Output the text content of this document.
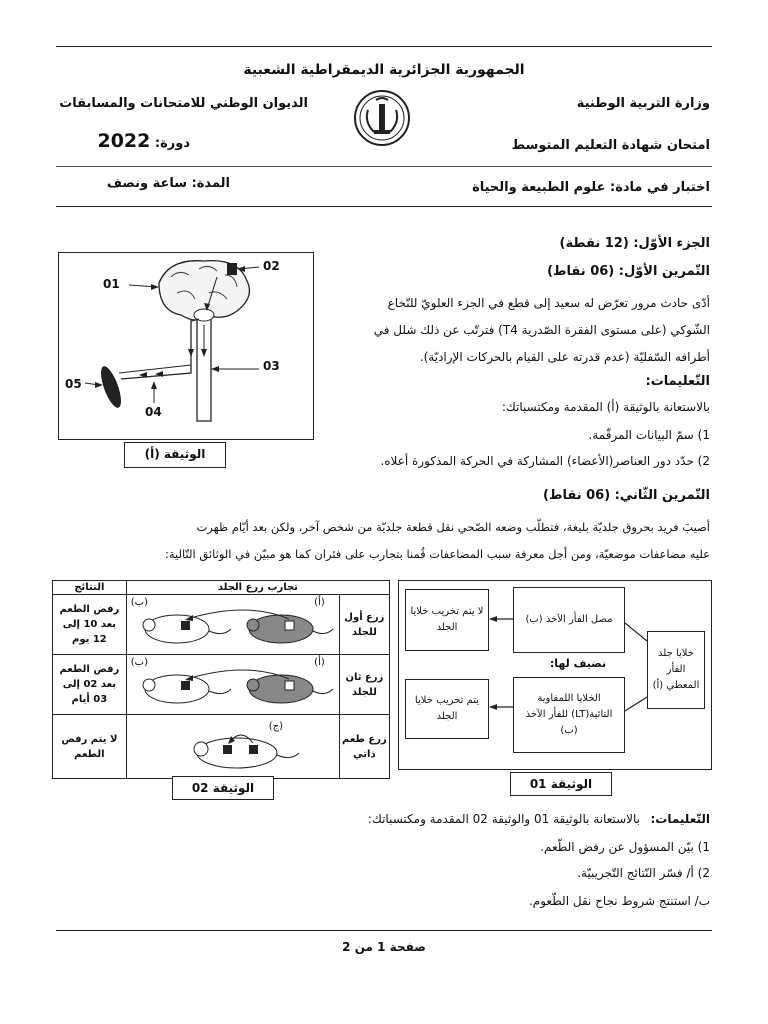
الجمهورية الجزائرية الديمقراطية الشعبية
وزارة التربية الوطنية
الديوان الوطني للامتحانات والمسابقات
امتحان شهادة التعليم المتوسط
دورة: 2022
اختبار في مادة: علوم الطبيعة والحياة
المدة: ساعة ونصف
الجزء الأوّل: (12 نقطة)
التّمرين الأوّل: (06 نقاط)
أدّى حادث مرور تعرّض له سعيد إلى قطع في الجزء العلويّ للنّخاع
الشّوكي (على مستوى الفقرة الصّدرية T4) فترتّب عن ذلك شلل في
أطرافه السّفليّة (عدم قدرته على القيام بالحركات الإراديّة).
التّعليمات:
بالاستعانة بالوثيقة (أ) المقدمة ومكتسباتك:
1) سمّ البيانات المرقّمة.
2) حدّد دور العناصر(الأعضاء) المشاركة في الحركة المذكورة أعلاه.
01
02
03
04
05
الوثيقة (أ)
التّمرين الثّاني: (06 نقاط)
أصيبَ فريد بحروق جلديّة بليغة، فتطلّب وضعه الصّحي نقل قطعة جلديّة من شخص آخر، ولكن بعد أيّام ظهرت
عليه مضاعفات موضعيّة، ومن أجل معرفة سبب المضاعفات قُمنا بتجارب على فئران كما هو مبيّن في الوثائق التّالية:
خلايا جلد الفأر المعطي (أ)
مصل الفأر الآخذ (ب)
لا يتم تخريب خلايا الجلد
نضيف لها:
الخلايا اللمفاوية التائية(LT) للفأر الآخذ (ب)
يتم تخريب خلايا الجلد
الوثيقة 01
النتائج	تجارب زرع الجلد	
رفض الطعم بعد 10 إلى 12 يوم	(ب) (أ)	زرع أول للجلد
رفض الطعم بعد 02 إلى 03 أيام	(ب) (أ)	زرع ثان للجلد
لا يتم رفض الطعم	(ج)	زرع طعم ذاتي
الوثيقة 02
التّعليمات:
بالاستعانة بالوثيقة 01 والوثيقة 02 المقدمة ومكتسباتك:
1) بيّن المسؤول عن رفض الطّعم.
2) أ/ فسّر النّتائج التّجريبيّة.
ب/ استنتج شروط نجاح نقل الطّعوم.
صفحة 1 من 2
